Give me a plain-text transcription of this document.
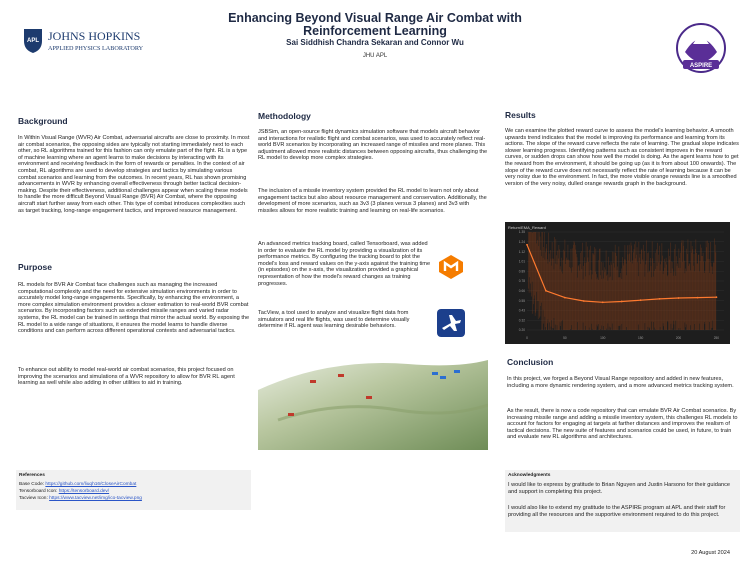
APL JOHNS HOPKINS
APPLIED PHYSICS LABORATORY
Enhancing Beyond Visual Range Air Combat with
Reinforcement Learning
Sai Siddhish Chandra Sekaran and Connor Wu
JHU APL
ASPIRE
Background
In Within Visual Range (WVR) Air Combat, adversarial aircrafts are close to proximity. In most air combat scenarios, the opposing sides are typically not starting immediately next to each other, so RL algorithms trained for this fashion can only emulate part of the fight. RL is a type of machine learning where an agent learns to make decisions by interacting with its environment and receiving feedback in the form of rewards or penalties. In the context of air combat, RL algorithms are used to develop strategies and tactics by simulating various combat scenarios and learning from the outcomes. In recent years, RL has shown promising advancements in WVR by enhancing overall effectiveness through better tactical decision-making. Despite their effectiveness, additional challenges appear when scaling these models to handle the more difficult Beyond Visual Range (BVR) Air Combat, where the opposing aircraft start further away from each other. This type of combat introduces complexities such as target tracking, long-range engagement tactics, and improved resource management.
Purpose
RL models for BVR Air Combat face challenges such as managing the increased computational complexity and the need for extensive simulation environments in order to accurately model long-range engagements. Specifically, by enhancing the environment, a more complex simulation environment provides a closer estimation to real-world BVR combat scenarios. By incorporating factors such as extended missile ranges and varied radar systems, the RL model can be trained in settings that mirror the actual world. By exposing the RL model to a wide range of situations, it ensures the model learns to handle diverse conditions and can perform across different operational contexts and adversarial tactics.
To enhance out ability to model real-world air combat scenarios, this project focused on improving the scenarios and simulations of a WVR repository to allow for BVR RL agent learning as well while also adding in other utilities to aid in training.
Methodology
JSBSim, an open-source flight dynamics simulation software that models aircraft behavior and interactions for realistic flight and combat scenarios, was used to accurately reflect real-world BVR scenarios by incorporating an increased range of missiles and more planes. This adjustment allowed more realistic distances between opposing aircrafts, thus challenging the RL model to develop more complex strategies.
The inclusion of a missile inventory system provided the RL model to learn not only about engagement tactics but also about resource management and conservation. Additionally, the development of more scenarios, such as 3v3 (3 planes versus 3 planes) and 3v3 with missiles allows for more realistic training and learning on real-life scenarios.
An advanced metrics tracking board, called Tensorboard, was added in order to evaluate the RL model by providing a visualization of its performance metrics. By configuring the tracking board to plot the model's loss and reward values on the y-axis against the training time (in episodes) on the x-axis, the visualization provided a graphical representation of how the model's reward changes as training progresses.
TacView, a tool used to analyze and visualize flight data from simulators and real life flights, was used to determine visually determine if RL agent was learning desirable behaviors.
Results
We can examine the plotted reward curve to assess the model's learning behavior. A smooth upwards trend indicates that the model is improving its performance and learning from its actions. The slope of the reward curve reflects the rate of learning. The gradual slope indicates slower learning progress. Identifying patterns such as consistent improves in the reward curves, or sudden drops can show how well the model is doing. As the agent learns how to get the reward from the environment, it should be going up (as it is from about 100 onwards). The slope of the reward curve does not necessarily reflect the rate of learning because it can be very noisy due to the environment. In fact, the more visible orange rewards line is a smoothed version of the very noisy, dulled orange rewards graph in the background.
Return/EMA_Reward
0.20
0.32
0.43
0.55
0.66
0.78
0.89
1.01
1.12
1.24
1.35
0	50	100	150	200	250
Conclusion
In this project, we forged a Beyond Visual Range repository and added in new features, including a more dynamic rendering system, and a more advanced metrics tracking system.
As the result, there is now a code repository that can emulate BVR Air Combat scenarios. By increasing missile range and adding a missile inventory system, this challenges RL models to account for factors for engaging at targets at farther distances and improves the realism of tactical decisions. The new suite of features and scenarios could be used, in future, to train and evaluate new RL algorithms and architectures.
References
Base Code: https://github.com/liuqh16/CloseAirCombat
Tensorboard Icon: https://tensorboard.dev/
Tacview Icon: https://www.tacview.net/img/ico-tacview.png
Acknowledgments
I would like to express by gratitude to Brian Nguyen and Justin Harsono for their guidance and support in completing this project.
I would also like to extend my gratitude to the ASPIRE program at APL and their staff for providing all the resources and the supportive environment required to do this project.
20 August 2024
